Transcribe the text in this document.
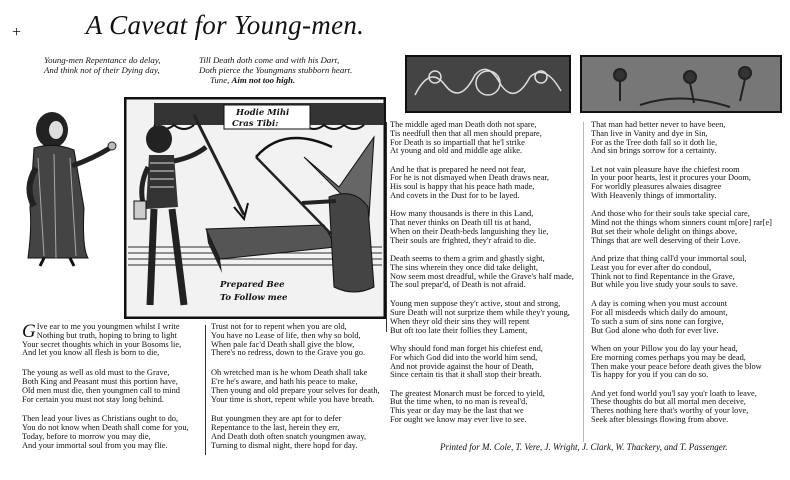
+	A Caveat for Young-men.
Young-men Repentance do delay,
And think not of their Dying day,
Till Death doth come and with his Dart,
Doth pierce the Youngmans stubborn heart.
Tune, Aim not too high.
Hodie Mihi
Cras Tibi:
Prepared Bee
To Follow mee
G Ive ear to me you youngmen whilst I write
Nothing but truth, hoping to bring to light
Your secret thoughts which in your Bosoms lie,
And let you know all flesh is born to die,
The young as well as old must to the Grave,
Both King and Peasant must this portion have,
Old men must die, then youngmen call to mind
For certain you must not stay long behind.
Then lead your lives as Christians ought to do,
You do not know when Death shall come for you,
Today, before to morrow you may die,
And your immortal soul from you may flie.
Trust not for to repent when you are old,
You have no Lease of life, then why so bold,
When pale fac'd Death shall give the blow,
There's no redress, down to the Grave you go.
Oh wretched man is he whom Death shall take
E're he's aware, and hath his peace to make,
Then young and old prepare your selves for death,
Your time is short, repent while you have breath.
But youngmen they are apt for to defer
Repentance to the last, herein they err,
And Death doth often snatch youngmen away,
Turning to dismal night, there hopd for day.
The middle aged man Death doth not spare,
Tis needfull then that all men should prepare,
For Death is so impartiall that he'l strike
At young and old and middle age alike.
And he that is prepared he need not fear,
For he is not dismayed when Death draws near,
His soul is happy that his peace hath made,
And covets in the Dust for to be layed.
How many thousands is there in this Land,
That never thinks on Death till tis at hand,
When on their Death-beds languishing they lie,
Their souls are frighted, they'r afraid to die.
Death seems to them a grim and ghastly sight,
The sins wherein they once did take delight,
Now seem most dreadful, while the Grave's half made,
The soul prepar'd, of Death is not afraid.
Young men suppose they'r active, stout and strong,
Sure Death will not surprize them while they'r young,
When theyr old their sins they will repent
But oft too late their follies they Lament,
Why should fond man forget his chiefest end,
For which God did into the world him send,
And not provide against the hour of Death,
Since certain tis that it shall stop their breath.
The greatest Monarch must be forced to yield,
But the time when, to no man is reveal'd,
This year or day may be the last that we
For ought we know may ever live to see.
That man had better never to have been,
Than live in Vanity and dye in Sin,
For as the Tree doth fall so it doth lie,
And sin brings sorrow for a certainty.
Let not vain pleasure have the chiefest room
In your poor hearts, lest it procures your Doom,
For worldly pleasures alwaies disagree
With Heavenly things of immortality.
And those who for their souls take special care,
Mind not the things whom sinners count m[ore] rar[e]
But set their whole delight on things above,
Things that are well deserving of their Love.
And prize that thing call'd your immortal soul,
Least you for ever after do condoul,
Think not to find Repentance in the Grave,
But while you live study your souls to save.
A day is coming when you must account
For all misdeeds which daily do amount,
To such a sum of sins none can forgive,
But God alone who doth for ever live.
When on your Pillow you do lay your head,
Ere morning comes perhaps you may be dead,
Then make your peace before death gives the blow
Tis happy for you if you can do so.
And yet fond world you'l say you'r loath to leave,
These thoughts do but all mortal men deceive,
Theres nothing here that's worthy of your love,
Seek after blessings flowing from above.
Printed for M. Cole, T. Vere, J. Wright, J. Clark, W. Thackery, and T. Passenger.
